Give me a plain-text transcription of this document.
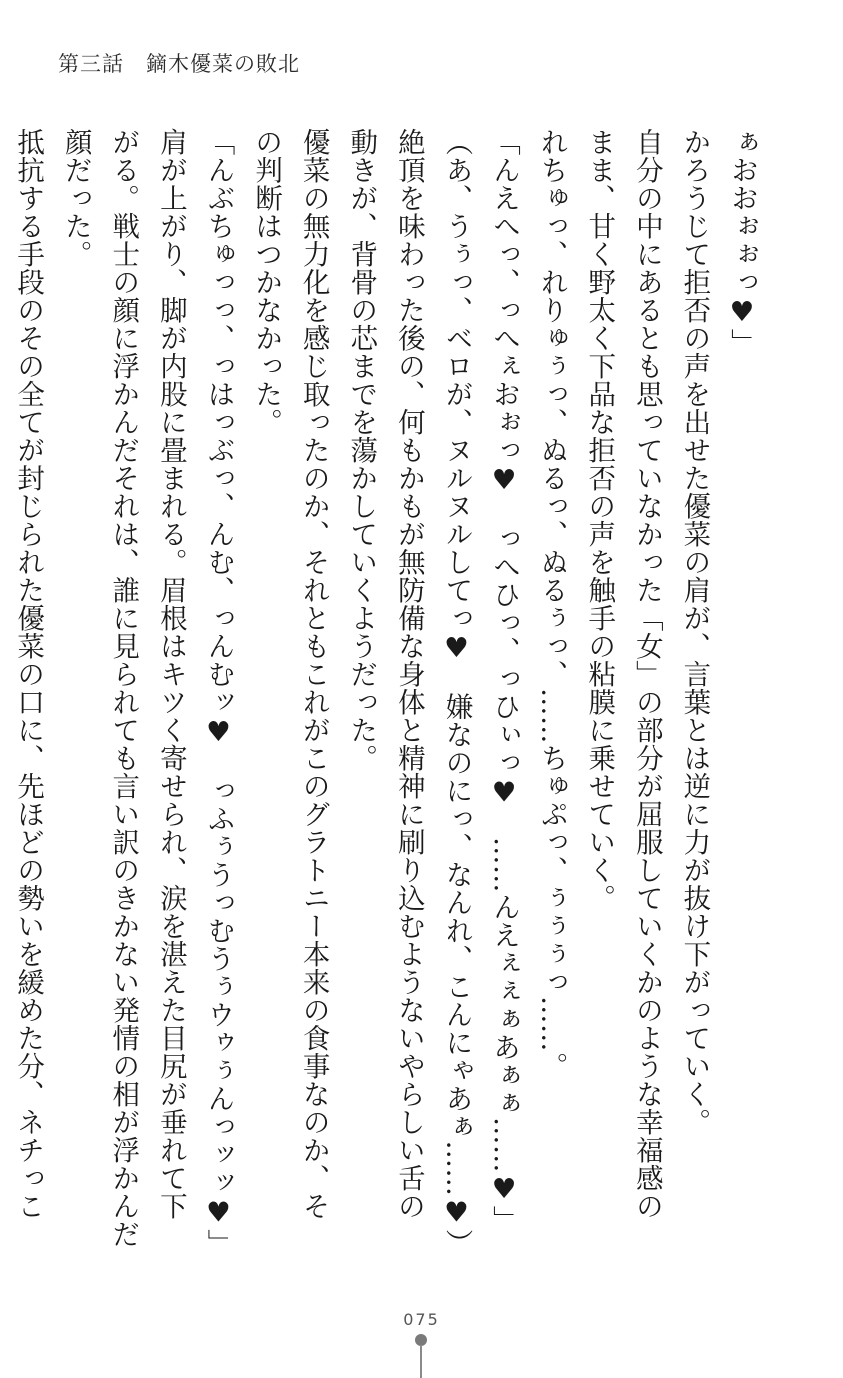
第三話　鏑木優菜の敗北

ぁおおぉぉっ♥」

かろうじて拒否の声を出せた優菜の肩が、言葉とは逆に力が抜け下がっていく。

自分の中にあるとも思っていなかった「女」の部分が屈服していくかのような幸福感の

まま、甘く野太く下品な拒否の声を触手の粘膜に乗せていく。

れちゅっ、れりゅぅっ、ぬるっ、ぬるぅっ、……ちゅぷっ、ぅぅぅっ……。

「んえへっ、っへぇおぉっ♥　っへひっ、っひぃっ♥　……んえぇぇぁあぁぁ……♥」

（あ、うぅっ、ベロが、ヌルヌルしてっ♥　嫌なのにっ、なんれ、こんにゃあぁ……♥）

絶頂を味わった後の、何もかもが無防備な身体と精神に刷り込むようないやらしい舌の

動きが、背骨の芯までを蕩かしていくようだった。

優菜の無力化を感じ取ったのか、それともこれがこのグラトニー本来の食事なのか、そ

の判断はつかなかった。

「んぶちゅっっ、っはっぶっ、んむ、っんむッ♥　っふぅうっむうぅウゥぅんっッッ♥」

肩が上がり、脚が内股に畳まれる。眉根はキツく寄せられ、涙を湛えた目尻が垂れて下

がる。戦士の顔に浮かんだそれは、誰に見られても言い訳のきかない発情の相が浮かんだ

顔だった。

抵抗する手段のその全てが封じられた優菜の口に、先ほどの勢いを緩めた分、ネチっこ

075
